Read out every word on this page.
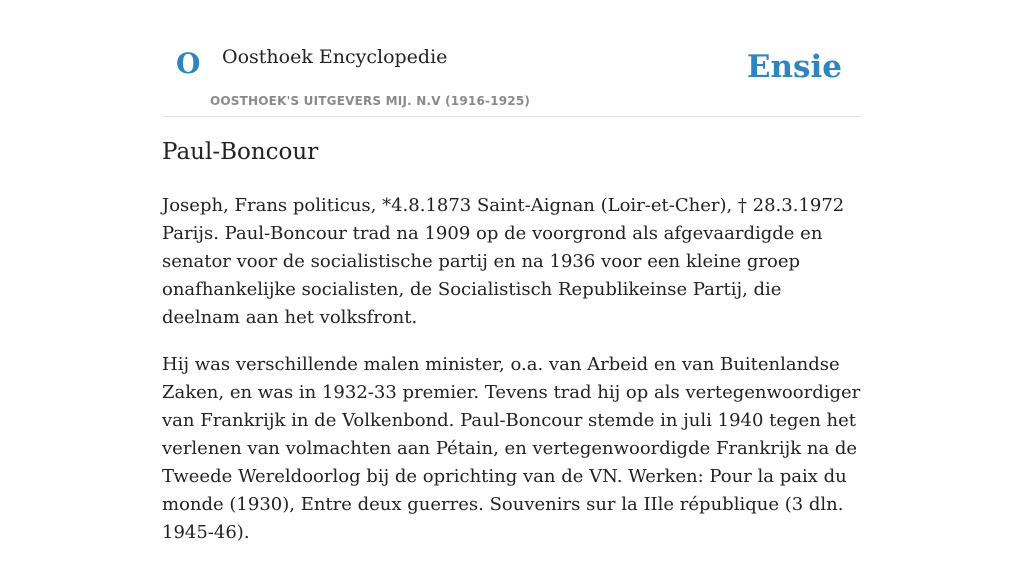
O Oosthoek Encyclopedie
OOSTHOEK'S UITGEVERS MIJ. N.V (1916-1925)
Ensie
Paul-Boncour

Joseph, Frans politicus, *4.8.1873 Saint-Aignan (Loir-et-Cher), † 28.3.1972 Parijs. Paul-Boncour trad na 1909 op de voorgrond als afgevaardigde en senator voor de socialistische partij en na 1936 voor een kleine groep onafhankelijke socialisten, de Socialistisch Republikeinse Partij, die deelnam aan het volksfront.

Hij was verschillende malen minister, o.a. van Arbeid en van Buitenlandse Zaken, en was in 1932-33 premier. Tevens trad hij op als vertegenwoordiger van Frankrijk in de Volkenbond. Paul-Boncour stemde in juli 1940 tegen het verlenen van volmachten aan Pétain, en vertegenwoordigde Frankrijk na de Tweede Wereldoorlog bij de oprichting van de VN. Werken: Pour la paix du monde (1930), Entre deux guerres. Souvenirs sur la IIle république (3 dln. 1945-46).
